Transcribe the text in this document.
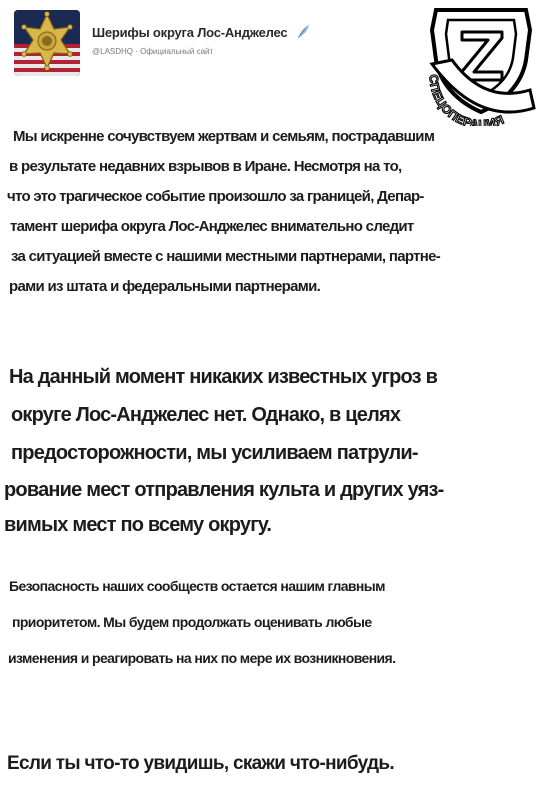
Шерифы округа Лос-Анджелес
@LASDHQ · Официальный сайт
СПЕЦОПЕРАЦИЯ
Мы искренне сочувствуем жертвам и семьям, пострадавшим
в результате недавних взрывов в Иране. Несмотря на то,
что это трагическое событие произошло за границей, Депар-
тамент шерифа округа Лос-Анджелес внимательно следит
за ситуацией вместе с нашими местными партнерами, партне-
рами из штата и федеральными партнерами.
На данный момент никаких известных угроз в
округе Лос-Анджелес нет. Однако, в целях
предосторожности, мы усиливаем патрули-
рование мест отправления культа и других уяз-
вимых мест по всему округу.
Безопасность наших сообществ остается нашим главным
приоритетом. Мы будем продолжать оценивать любые
изменения и реагировать на них по мере их возникновения.
Если ты что-то увидишь, скажи что-нибудь.
